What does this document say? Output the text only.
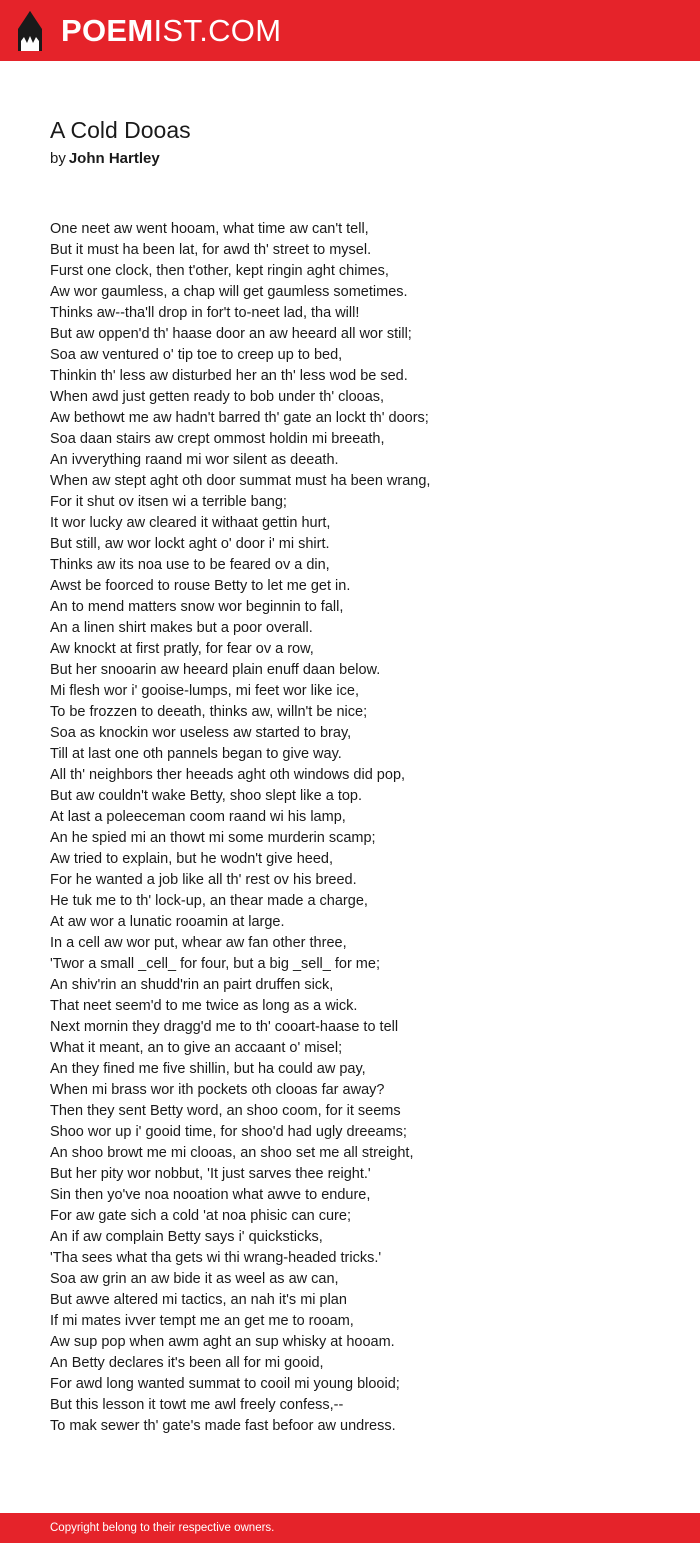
POEMIST.COM
A Cold Dooas

by John Hartley

One neet aw went hooam, what time aw can't tell,
But it must ha been lat, for awd th' street to mysel.
Furst one clock, then t'other, kept ringin aght chimes,
Aw wor gaumless, a chap will get gaumless sometimes.
Thinks aw--tha'll drop in for't to-neet lad, tha will!
But aw oppen'd th' haase door an aw heeard all wor still;
Soa aw ventured o' tip toe to creep up to bed,
Thinkin th' less aw disturbed her an th' less wod be sed.
When awd just getten ready to bob under th' clooas,
Aw bethowt me aw hadn't barred th' gate an lockt th' doors;
Soa daan stairs aw crept ommost holdin mi breeath,
An ivverything raand mi wor silent as deeath.
When aw stept aght oth door summat must ha been wrang,
For it shut ov itsen wi a terrible bang;
It wor lucky aw cleared it withaat gettin hurt,
But still, aw wor lockt aght o' door i' mi shirt.
Thinks aw its noa use to be feared ov a din,
Awst be foorced to rouse Betty to let me get in.
An to mend matters snow wor beginnin to fall,
An a linen shirt makes but a poor overall.
Aw knockt at first pratly, for fear ov a row,
But her snooarin aw heeard plain enuff daan below.
Mi flesh wor i' gooise-lumps, mi feet wor like ice,
To be frozzen to deeath, thinks aw, willn't be nice;
Soa as knockin wor useless aw started to bray,
Till at last one oth pannels began to give way.
All th' neighbors ther heeads aght oth windows did pop,
But aw couldn't wake Betty, shoo slept like a top.
At last a poleeceman coom raand wi his lamp,
An he spied mi an thowt mi some murderin scamp;
Aw tried to explain, but he wodn't give heed,
For he wanted a job like all th' rest ov his breed.
He tuk me to th' lock-up, an thear made a charge,
At aw wor a lunatic rooamin at large.
In a cell aw wor put, whear aw fan other three,
'Twor a small _cell_ for four, but a big _sell_ for me;
An shiv'rin an shudd'rin an pairt druffen sick,
That neet seem'd to me twice as long as a wick.
Next mornin they dragg'd me to th' cooart-haase to tell
What it meant, an to give an accaant o' misel;
An they fined me five shillin, but ha could aw pay,
When mi brass wor ith pockets oth clooas far away?
Then they sent Betty word, an shoo coom, for it seems
Shoo wor up i' gooid time, for shoo'd had ugly dreeams;
An shoo browt me mi clooas, an shoo set me all streight,
But her pity wor nobbut, 'It just sarves thee reight.'
Sin then yo've noa nooation what awve to endure,
For aw gate sich a cold 'at noa phisic can cure;
An if aw complain Betty says i' quicksticks,
'Tha sees what tha gets wi thi wrang-headed tricks.'
Soa aw grin an aw bide it as weel as aw can,
But awve altered mi tactics, an nah it's mi plan
If mi mates ivver tempt me an get me to rooam,
Aw sup pop when awm aght an sup whisky at hooam.
An Betty declares it's been all for mi gooid,
For awd long wanted summat to cooil mi young blooid;
But this lesson it towt me awl freely confess,--
To mak sewer th' gate's made fast befoor aw undress.
Copyright belong to their respective owners.
